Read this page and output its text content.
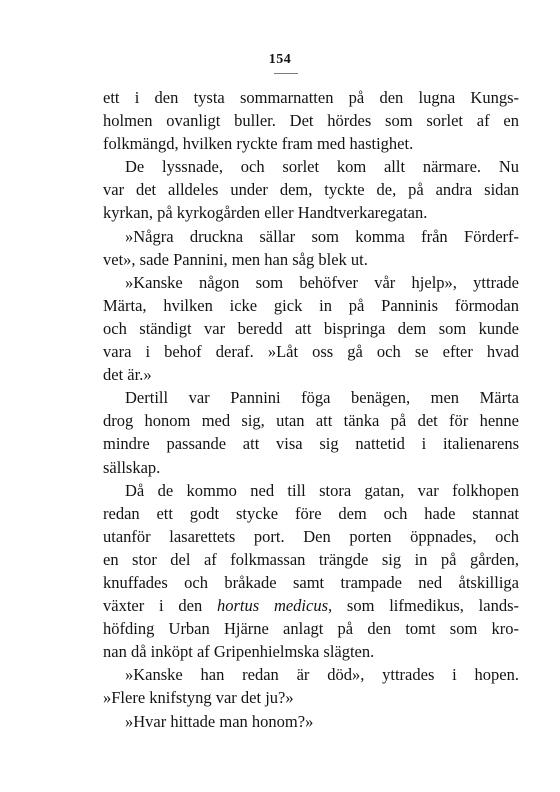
154
ett i den tysta sommarnatten på den lugna Kungs-
holmen ovanligt buller. Det hördes som sorlet af en
folkmängd, hvilken ryckte fram med hastighet.
De lyssnade, och sorlet kom allt närmare. Nu
var det alldeles under dem, tyckte de, på andra sidan
kyrkan, på kyrkogården eller Handtverkaregatan.
»Några druckna sällar som komma från Förderf-
vet», sade Pannini, men han såg blek ut.
»Kanske någon som behöfver vår hjelp», yttrade
Märta, hvilken icke gick in på Panninis förmodan
och ständigt var beredd att bispringa dem som kunde
vara i behof deraf. »Låt oss gå och se efter hvad
det är.»
Dertill var Pannini föga benägen, men Märta
drog honom med sig, utan att tänka på det för henne
mindre passande att visa sig nattetid i italienarens
sällskap.
Då de kommo ned till stora gatan, var folkhopen
redan ett godt stycke före dem och hade stannat
utanför lasarettets port. Den porten öppnades, och
en stor del af folkmassan trängde sig in på gården,
knuffades och bråkade samt trampade ned åtskilliga
växter i den hortus medicus, som lifmedikus, lands-
höfding Urban Hjärne anlagt på den tomt som kro-
nan då inköpt af Gripenhielmska slägten.
»Kanske han redan är död», yttrades i hopen.
»Flere knifstyng var det ju?»
»Hvar hittade man honom?»
